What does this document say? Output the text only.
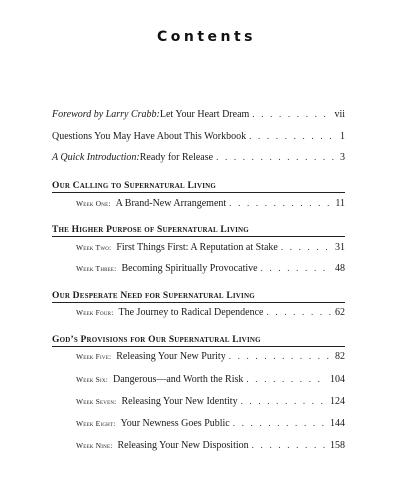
Contents
Foreword by Larry Crabb: Let Your Heart Dream . . .	vii
Questions You May Have About This Workbook . . .	1
A Quick Introduction: Ready for Release . . .	3
Our Calling to Supernatural Living
Week One: A Brand-New Arrangement . . .	11
The Higher Purpose of Supernatural Living
Week Two: First Things First: A Reputation at Stake . . .	31
Week Three: Becoming Spiritually Provocative . . .	48
Our Desperate Need for Supernatural Living
Week Four: The Journey to Radical Dependence . . .	62
God’s Provisions for Our Supernatural Living
Week Five: Releasing Your New Purity . . .	82
Week Six: Dangerous—and Worth the Risk . . .	104
Week Seven: Releasing Your New Identity . . .	124
Week Eight: Your Newness Goes Public . . .	144
Week Nine: Releasing Your New Disposition . . .	158
